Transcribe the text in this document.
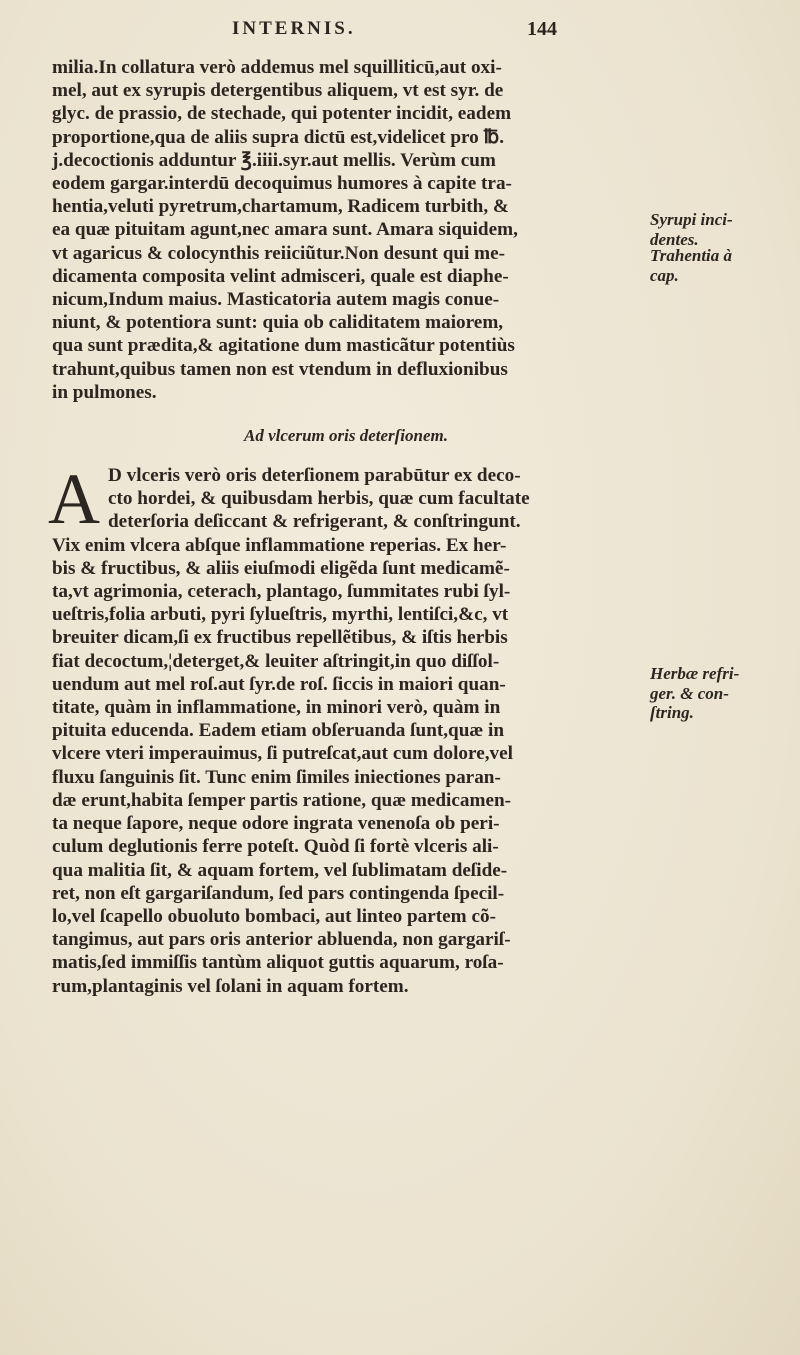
INTERNIS.	144
milia.In collatura verò addemus mel squilliticū,aut oxi-
mel, aut ex syrupis detergentibus aliquem, vt est syr. de
glyc. de prassio, de stechade, qui potenter incidit, eadem
proportione,qua de aliis supra dictū est,videlicet pro ℔.
j.decoctionis adduntur ℥.iiii.syr.aut mellis. Verùm cum
eodem gargar.interdū decoquimus humores à capite tra-
hentia,veluti pyretrum,chartamum, Radicem turbith, &
ea quæ pituitam agunt,nec amara sunt. Amara siquidem,
vt agaricus & colocynthis reiiciũtur.Non desunt qui me-
dicamenta composita velint admisceri, quale est diaphe-
nicum,Indum maius. Masticatoria autem magis conue-
niunt, & potentiora sunt: quia ob caliditatem maiorem,
qua sunt prædita,& agitatione dum masticãtur potentiùs
trahunt,quibus tamen non est vtendum in defluxionibus
in pulmones.
Ad vlcerum oris deterſionem.
A D vlceris verò oris deterſionem parabūtur ex deco-
cto hordei, & quibusdam herbis, quæ cum facultate
deterſoria deſiccant & refrigerant, & conſtringunt.
Vix enim vlcera abſque inflammatione reperias. Ex her-
bis & fructibus, & aliis eiuſmodi eligẽda ſunt medicamẽ-
ta,vt agrimonia, ceterach, plantago, ſummitates rubi ſyl-
ueſtris,folia arbuti, pyri ſylueſtris, myrthi, lentiſci,&c, vt
breuiter dicam,ſi ex fructibus repellẽtibus, & iſtis herbis
fiat decoctum,¦deterget,& leuiter aſtringit,in quo diſſol-
uendum aut mel roſ.aut ſyr.de roſ. ſiccis in maiori quan-
titate, quàm in inflammatione, in minori verò, quàm in
pituita educenda. Eadem etiam obſeruanda ſunt,quæ in
vlcere vteri imperauimus, ſi putreſcat,aut cum dolore,vel
fluxu ſanguinis ſit. Tunc enim ſimiles iniectiones paran-
dæ erunt,habita ſemper partis ratione, quæ medicamen-
ta neque ſapore, neque odore ingrata venenoſa ob peri-
culum deglutionis ferre poteſt. Quòd ſi fortè vlceris ali-
qua malitia ſit, & aquam fortem, vel ſublimatam deſide-
ret, non eſt gargariſandum, ſed pars contingenda ſpecil-
lo,vel ſcapello obuoluto bombaci, aut linteo partem cõ-
tangimus, aut pars oris anterior abluenda, non gargariſ-
matis,ſed immiſſis tantùm aliquot guttis aquarum, roſa-
rum,plantaginis vel ſolani in aquam fortem.
Syrupi inci-
dentes.
Trahentia à
cap.
Herbæ refri-
ger. & con-
ſtring.
